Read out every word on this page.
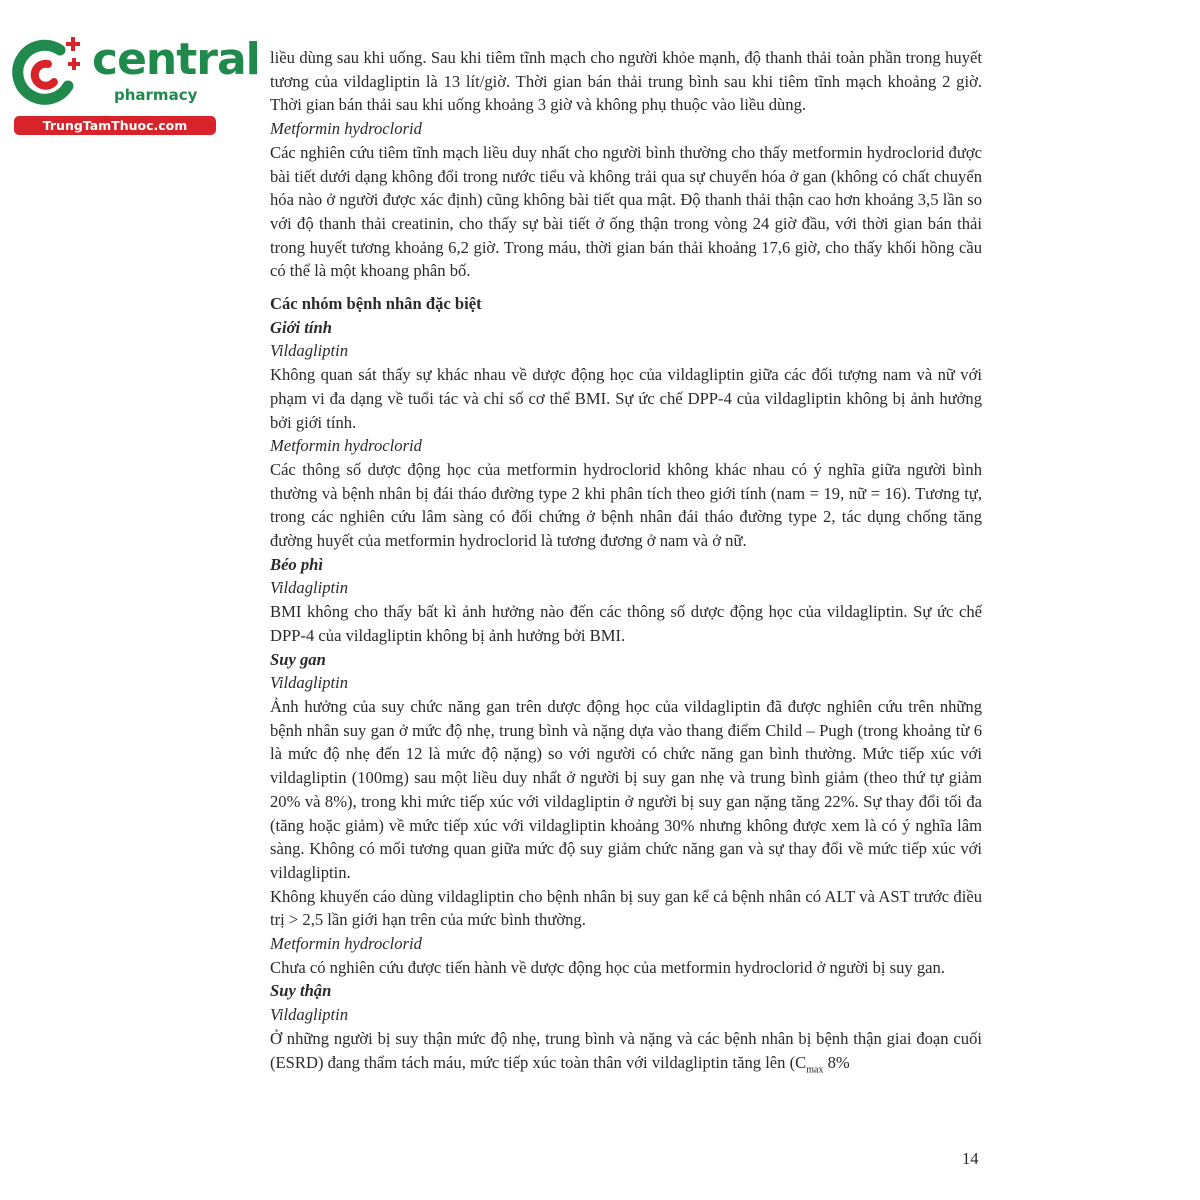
central
pharmacy
TrungTamThuoc.com

liều dùng sau khi uống. Sau khi tiêm tĩnh mạch cho người khỏe mạnh, độ thanh thải toàn phần trong huyết tương của vildagliptin là 13 lít/giờ. Thời gian bán thải trung bình sau khi tiêm tĩnh mạch khoảng 2 giờ. Thời gian bán thải sau khi uống khoảng 3 giờ và không phụ thuộc vào liều dùng.

Metformin hydroclorid

Các nghiên cứu tiêm tĩnh mạch liều duy nhất cho người bình thường cho thấy metformin hydroclorid được bài tiết dưới dạng không đổi trong nước tiểu và không trải qua sự chuyển hóa ở gan (không có chất chuyển hóa nào ở người được xác định) cũng không bài tiết qua mật. Độ thanh thải thận cao hơn khoảng 3,5 lần so với độ thanh thải creatinin, cho thấy sự bài tiết ở ống thận trong vòng 24 giờ đầu, với thời gian bán thải trong huyết tương khoảng 6,2 giờ. Trong máu, thời gian bán thải khoảng 17,6 giờ, cho thấy khối hồng cầu có thể là một khoang phân bố.

Các nhóm bệnh nhân đặc biệt

Giới tính

Vildagliptin

Không quan sát thấy sự khác nhau về dược động học của vildagliptin giữa các đối tượng nam và nữ với phạm vi đa dạng về tuổi tác và chỉ số cơ thể BMI. Sự ức chế DPP-4 của vildagliptin không bị ảnh hưởng bởi giới tính.

Metformin hydroclorid

Các thông số dược động học của metformin hydroclorid không khác nhau có ý nghĩa giữa người bình thường và bệnh nhân bị đái tháo đường type 2 khi phân tích theo giới tính (nam = 19, nữ = 16). Tương tự, trong các nghiên cứu lâm sàng có đối chứng ở bệnh nhân đái tháo đường type 2, tác dụng chống tăng đường huyết của metformin hydroclorid là tương đương ở nam và ở nữ.

Béo phì

Vildagliptin

BMI không cho thấy bất kì ảnh hưởng nào đến các thông số dược động học của vildagliptin. Sự ức chế DPP-4 của vildagliptin không bị ảnh hưởng bởi BMI.

Suy gan

Vildagliptin

Ảnh hưởng của suy chức năng gan trên dược động học của vildagliptin đã được nghiên cứu trên những bệnh nhân suy gan ở mức độ nhẹ, trung bình và nặng dựa vào thang điểm Child – Pugh (trong khoảng từ 6 là mức độ nhẹ đến 12 là mức độ nặng) so với người có chức năng gan bình thường. Mức tiếp xúc với vildagliptin (100mg) sau một liều duy nhất ở người bị suy gan nhẹ và trung bình giảm (theo thứ tự giảm 20% và 8%), trong khi mức tiếp xúc với vildagliptin ở người bị suy gan nặng tăng 22%. Sự thay đổi tối đa (tăng hoặc giảm) về mức tiếp xúc với vildagliptin khoảng 30% nhưng không được xem là có ý nghĩa lâm sàng. Không có mối tương quan giữa mức độ suy giảm chức năng gan và sự thay đổi về mức tiếp xúc với vildagliptin.

Không khuyến cáo dùng vildagliptin cho bệnh nhân bị suy gan kể cả bệnh nhân có ALT và AST trước điều trị > 2,5 lần giới hạn trên của mức bình thường.

Metformin hydroclorid

Chưa có nghiên cứu được tiến hành về dược động học của metformin hydroclorid ở người bị suy gan.

Suy thận

Vildagliptin

Ở những người bị suy thận mức độ nhẹ, trung bình và nặng và các bệnh nhân bị bệnh thận giai đoạn cuối (ESRD) đang thẩm tách máu, mức tiếp xúc toàn thân với vildagliptin tăng lên ($C_{max}$ 8%

14
